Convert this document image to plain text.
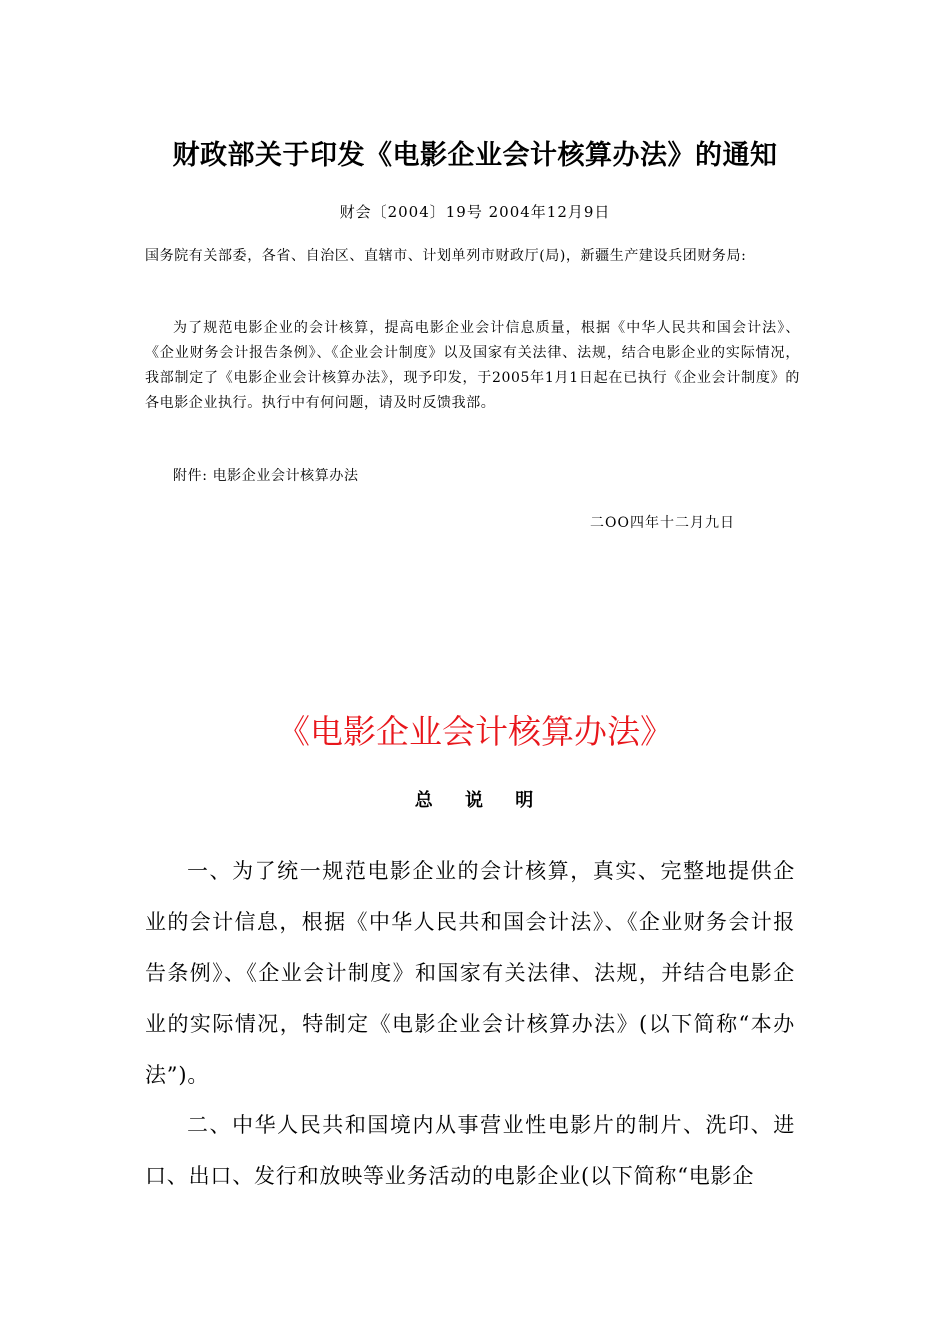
财政部关于印发《电影企业会计核算办法》的通知
财会〔2004〕19号 2004年12月9日
国务院有关部委，各省、自治区、直辖市、计划单列市财政厅(局)，新疆生产建设兵团财务局:
为了规范电影企业的会计核算，提高电影企业会计信息质量，根据《中华人民共和国会计法》、《企业财务会计报告条例》、《企业会计制度》以及国家有关法律、法规，结合电影企业的实际情况，我部制定了《电影企业会计核算办法》，现予印发，于2005年1月1日起在已执行《企业会计制度》的各电影企业执行。执行中有何问题，请及时反馈我部。
附件: 电影企业会计核算办法
二OO四年十二月九日
《电影企业会计核算办法》
总 说 明
一、为了统一规范电影企业的会计核算，真实、完整地提供企业的会计信息，根据《中华人民共和国会计法》、《企业财务会计报告条例》、《企业会计制度》和国家有关法律、法规，并结合电影企业的实际情况，特制定《电影企业会计核算办法》(以下简称“本办法”)。
二、中华人民共和国境内从事营业性电影片的制片、洗印、进口、出口、发行和放映等业务活动的电影企业(以下简称“电影企
